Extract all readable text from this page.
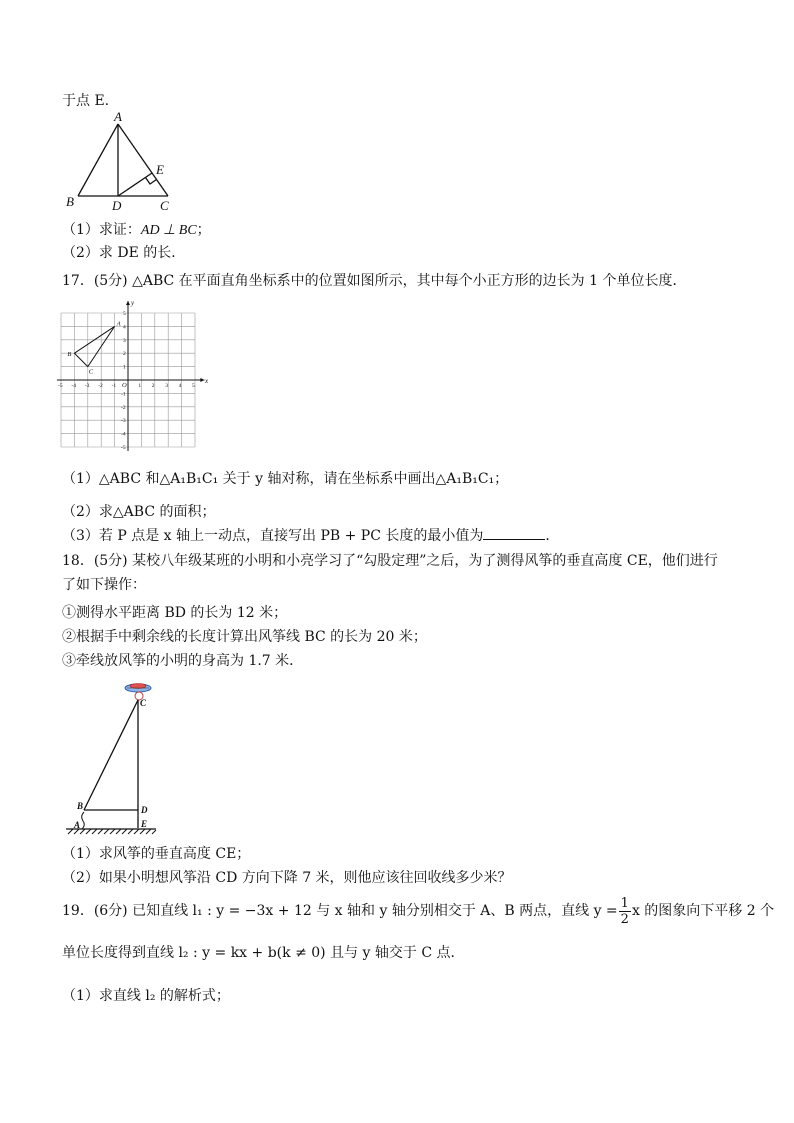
于点 E.
A
B	D	C
E
（1）求证：AD ⊥ BC；
（2）求 DE 的长．
17．(5分) △ABC 在平面直角坐标系中的位置如图所示，其中每个小正方形的边长为 1 个单位长度．
x
y
O
-5 -4 -3 -2 -1	1 2 3 4 5
5
4
3
2
1
-1
-2
-3
-4
-5
A
B
C
（1）△ABC 和△A₁B₁C₁ 关于 y 轴对称，请在坐标系中画出△A₁B₁C₁；
（2）求△ABC 的面积；
（3）若 P 点是 x 轴上一动点，直接写出 PB + PC 长度的最小值为	．
18．(5分) 某校八年级某班的小明和小亮学习了“勾股定理”之后，为了测得风筝的垂直高度 CE，他们进行
了如下操作：
①测得水平距离 BD 的长为 12 米；
②根据手中剩余线的长度计算出风筝线 BC 的长为 20 米；
③牵线放风筝的小明的身高为 1.7 米．
C
B	D
A	E
（1）求风筝的垂直高度 CE；
（2）如果小明想风筝沿 CD 方向下降 7 米，则他应该往回收线多少米？
19．(6分) 已知直线 l₁ : y = −3x + 12 与 x 轴和 y 轴分别相交于 A、B 两点，直线 $y = \frac{1}{2}$ x 的图象向下平移 2 个
单位长度得到直线 l₂ : y = kx + b(k ≠ 0) 且与 y 轴交于 C 点．
（1）求直线 l₂ 的解析式；
